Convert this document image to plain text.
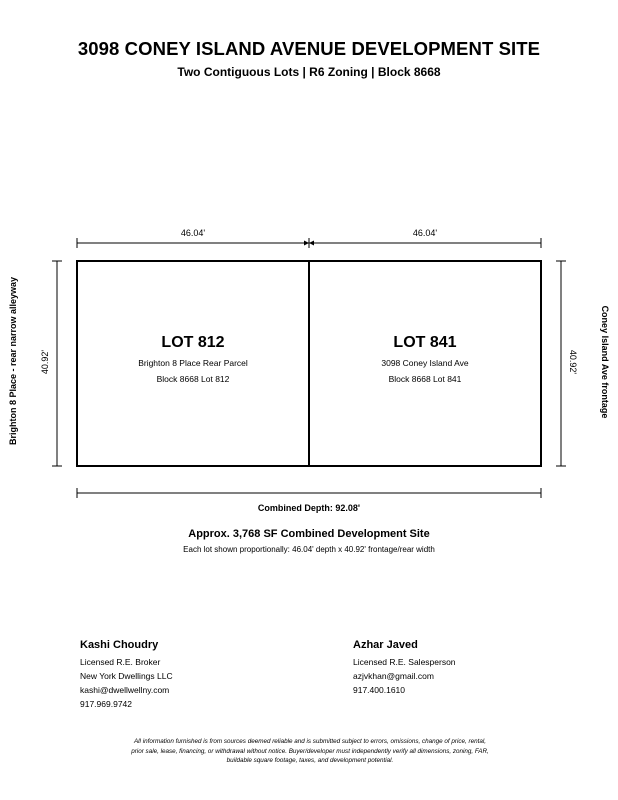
3098 CONEY ISLAND AVENUE DEVELOPMENT SITE
Two Contiguous Lots | R6 Zoning | Block 8668
46.04'	46.04'
40.92'	40.92'
Brighton 8 Place - rear narrow alleyway	Coney Island Ave frontage
LOT 812
Brighton 8 Place Rear Parcel
Block 8668 Lot 812
LOT 841
3098 Coney Island Ave
Block 8668 Lot 841
Combined Depth: 92.08'
Approx. 3,768 SF Combined Development Site
Each lot shown proportionally: 46.04' depth x 40.92' frontage/rear width
Kashi Choudry
Licensed R.E. Broker
New York Dwellings LLC
kashi@dwellwellny.com
917.969.9742
Azhar Javed
Licensed R.E. Salesperson
azjvkhan@gmail.com
917.400.1610
All information furnished is from sources deemed reliable and is submitted subject to errors, omissions, change of price, rental, prior sale, lease, financing, or withdrawal without notice. Buyer/developer must independently verify all dimensions, zoning, FAR, buildable square footage, taxes, and development potential.
